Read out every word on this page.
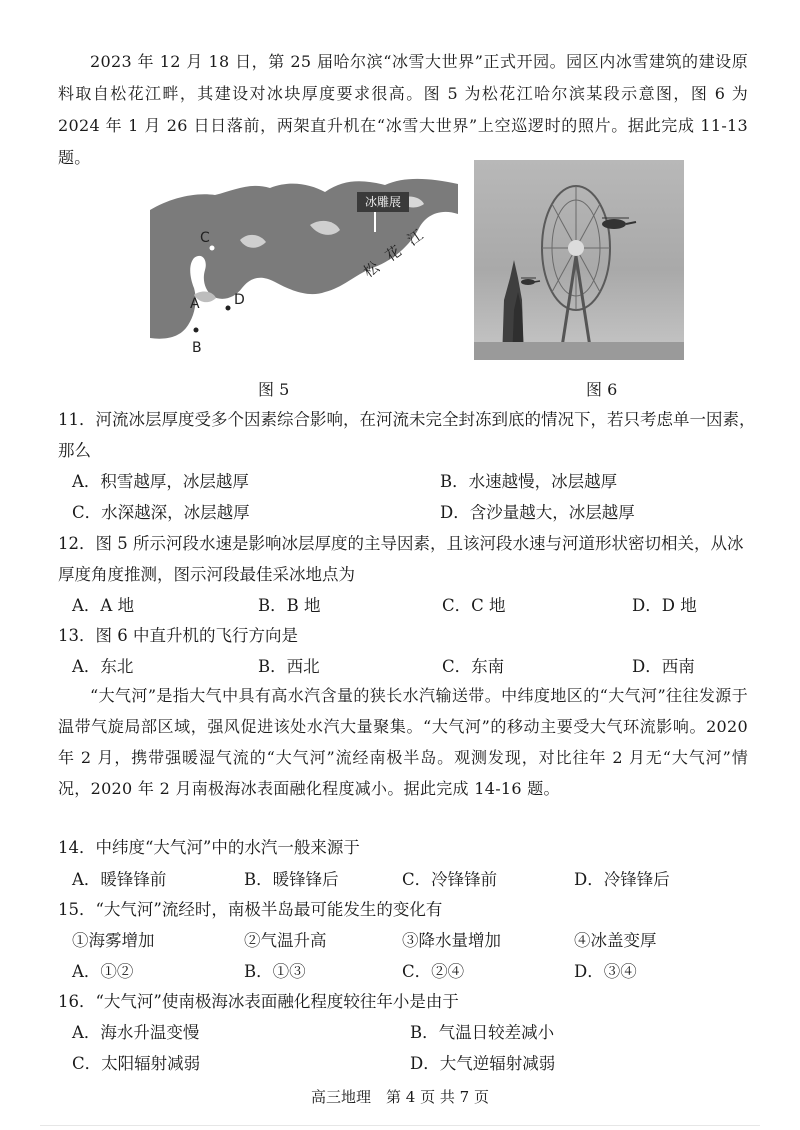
2023 年 12 月 18 日，第 25 届哈尔滨“冰雪大世界”正式开园。园区内冰雪建筑的建设原料取自松花江畔，其建设对冰块厚度要求很高。图 5 为松花江哈尔滨某段示意图，图 6 为 2024 年 1 月 26 日日落前，两架直升机在“冰雪大世界”上空巡逻时的照片。据此完成 11-13 题。
冰雕展
C
A
B
D
松
花
江
图 5	图 6
11．河流冰层厚度受多个因素综合影响，在河流未完全封冻到底的情况下，若只考虑单一因素，那么
A．积雪越厚，冰层越厚	B．水速越慢，冰层越厚
C．水深越深，冰层越厚	D．含沙量越大，冰层越厚
12．图 5 所示河段水速是影响冰层厚度的主导因素，且该河段水速与河道形状密切相关，从冰厚度角度推测，图示河段最佳采冰地点为
A．A 地	B．B 地	C．C 地	D．D 地
13．图 6 中直升机的飞行方向是
A．东北	B．西北	C．东南	D．西南
“大气河”是指大气中具有高水汽含量的狭长水汽输送带。中纬度地区的“大气河”往往发源于温带气旋局部区域，强风促进该处水汽大量聚集。“大气河”的移动主要受大气环流影响。2020 年 2 月，携带强暖湿气流的“大气河”流经南极半岛。观测发现，对比往年 2 月无“大气河”情况，2020 年 2 月南极海冰表面融化程度减小。据此完成 14-16 题。
14．中纬度“大气河”中的水汽一般来源于
A．暖锋锋前	B．暖锋锋后	C．冷锋锋前	D．冷锋锋后
15．“大气河”流经时，南极半岛最可能发生的变化有
①海雾增加	②气温升高	③降水量增加	④冰盖变厚
A．①②	B．①③	C．②④	D．③④
16．“大气河”使南极海冰表面融化程度较往年小是由于
A．海水升温变慢	B．气温日较差减小
C．太阳辐射减弱	D．大气逆辐射减弱
高三地理　第 4 页 共 7 页
